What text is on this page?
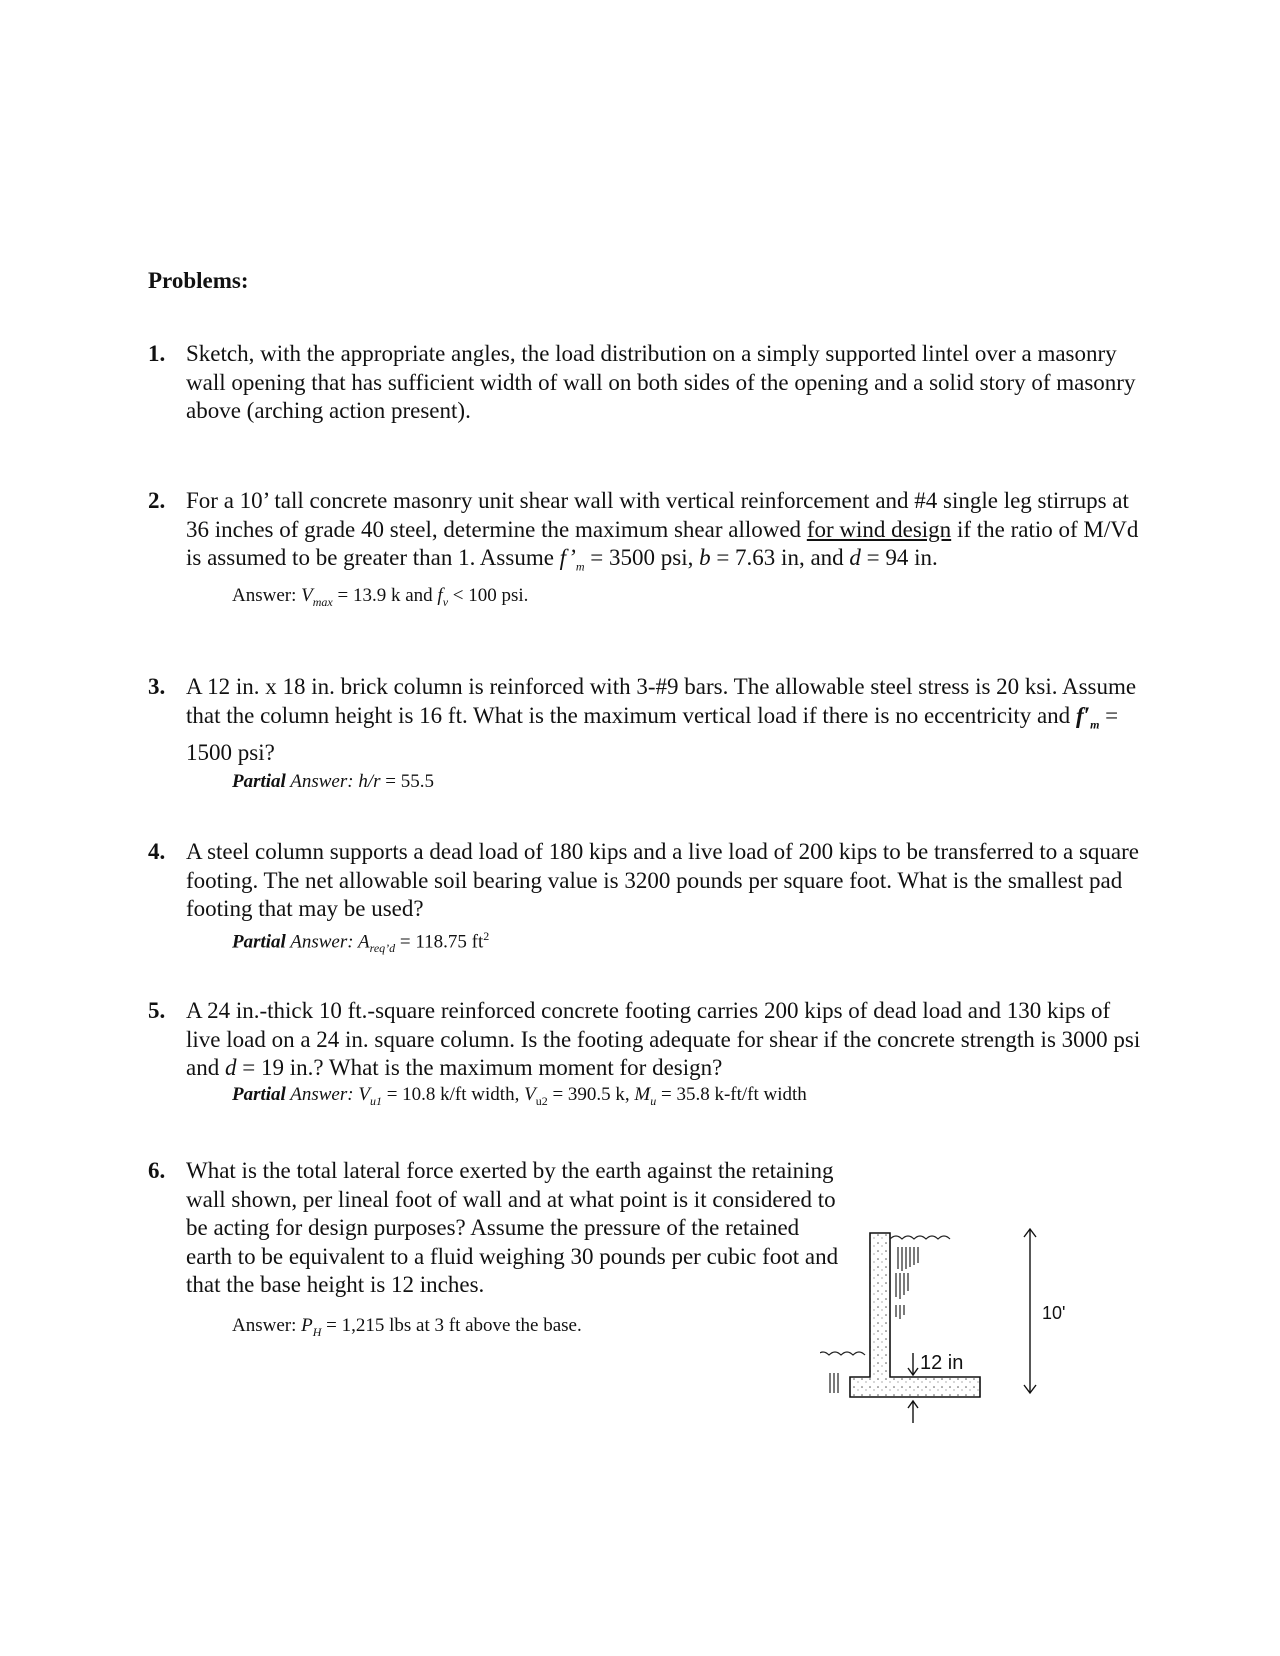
Problems:
1. Sketch, with the appropriate angles, the load distribution on a simply supported lintel over a masonry wall opening that has sufficient width of wall on both sides of the opening and a solid story of masonry above (arching action present).
2. For a 10’ tall concrete masonry unit shear wall with vertical reinforcement and #4 single leg stirrups at 36 inches of grade 40 steel, determine the maximum shear allowed for wind design if the ratio of M/Vd is assumed to be greater than 1. Assume $f’_m = 3500$ psi, b = 7.63 in, and d = 94 in.
Answer: $V_{max} = 13.9$ k and $f_v < 100$ psi.
3. A 12 in. x 18 in. brick column is reinforced with 3-#9 bars. The allowable steel stress is 20 ksi. Assume that the column height is 16 ft. What is the maximum vertical load if there is no eccentricity and $f'_m = 1500$ psi?
Partial Answer: h/r = 55.5
4. A steel column supports a dead load of 180 kips and a live load of 200 kips to be transferred to a square footing. The net allowable soil bearing value is 3200 pounds per square foot. What is the smallest pad footing that may be used?
Partial Answer: $A_{req’d} = 118.75$ $ft^2$
5. A 24 in.-thick 10 ft.-square reinforced concrete footing carries 200 kips of dead load and 130 kips of live load on a 24 in. square column. Is the footing adequate for shear if the concrete strength is 3000 psi and d = 19 in.? What is the maximum moment for design?
Partial Answer: $V_{u1} = 10.8$ k/ft width, $V_{u2} = 390.5$ k, $M_u = 35.8$ k-ft/ft width
6. What is the total lateral force exerted by the earth against the retaining wall shown, per lineal foot of wall and at what point is it considered to be acting for design purposes? Assume the pressure of the retained earth to be equivalent to a fluid weighing 30 pounds per cubic foot and that the base height is 12 inches.
Answer: $P_H = 1,215$ lbs at 3 ft above the base.
10'
12 in
